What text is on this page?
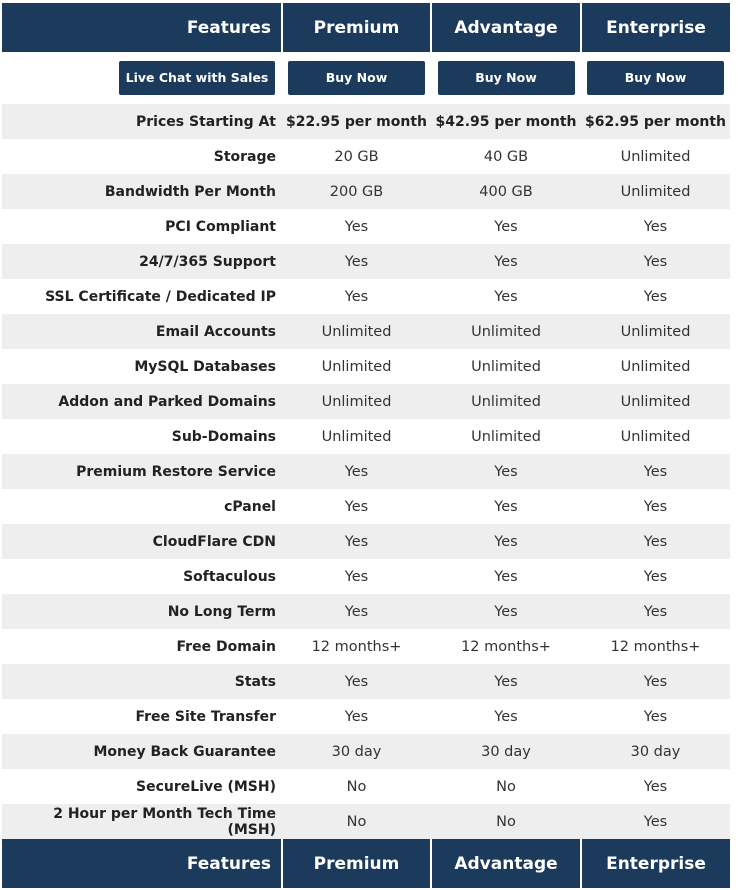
Features	Premium	Advantage	Enterprise

Live Chat with Sales	Buy Now	Buy Now	Buy Now

Prices Starting At	$22.95 per month	$42.95 per month	$62.95 per month
Storage	20 GB	40 GB	Unlimited
Bandwidth Per Month	200 GB	400 GB	Unlimited
PCI Compliant	Yes	Yes	Yes
24/7/365 Support	Yes	Yes	Yes
SSL Certificate / Dedicated IP	Yes	Yes	Yes
Email Accounts	Unlimited	Unlimited	Unlimited
MySQL Databases	Unlimited	Unlimited	Unlimited
Addon and Parked Domains	Unlimited	Unlimited	Unlimited
Sub-Domains	Unlimited	Unlimited	Unlimited
Premium Restore Service	Yes	Yes	Yes
cPanel	Yes	Yes	Yes
CloudFlare CDN	Yes	Yes	Yes
Softaculous	Yes	Yes	Yes
No Long Term	Yes	Yes	Yes
Free Domain	12 months+	12 months+	12 months+
Stats	Yes	Yes	Yes
Free Site Transfer	Yes	Yes	Yes
Money Back Guarantee	30 day	30 day	30 day
SecureLive (MSH)	No	No	Yes
2 Hour per Month Tech Time (MSH)	No	No	Yes
Features	Premium	Advantage	Enterprise
